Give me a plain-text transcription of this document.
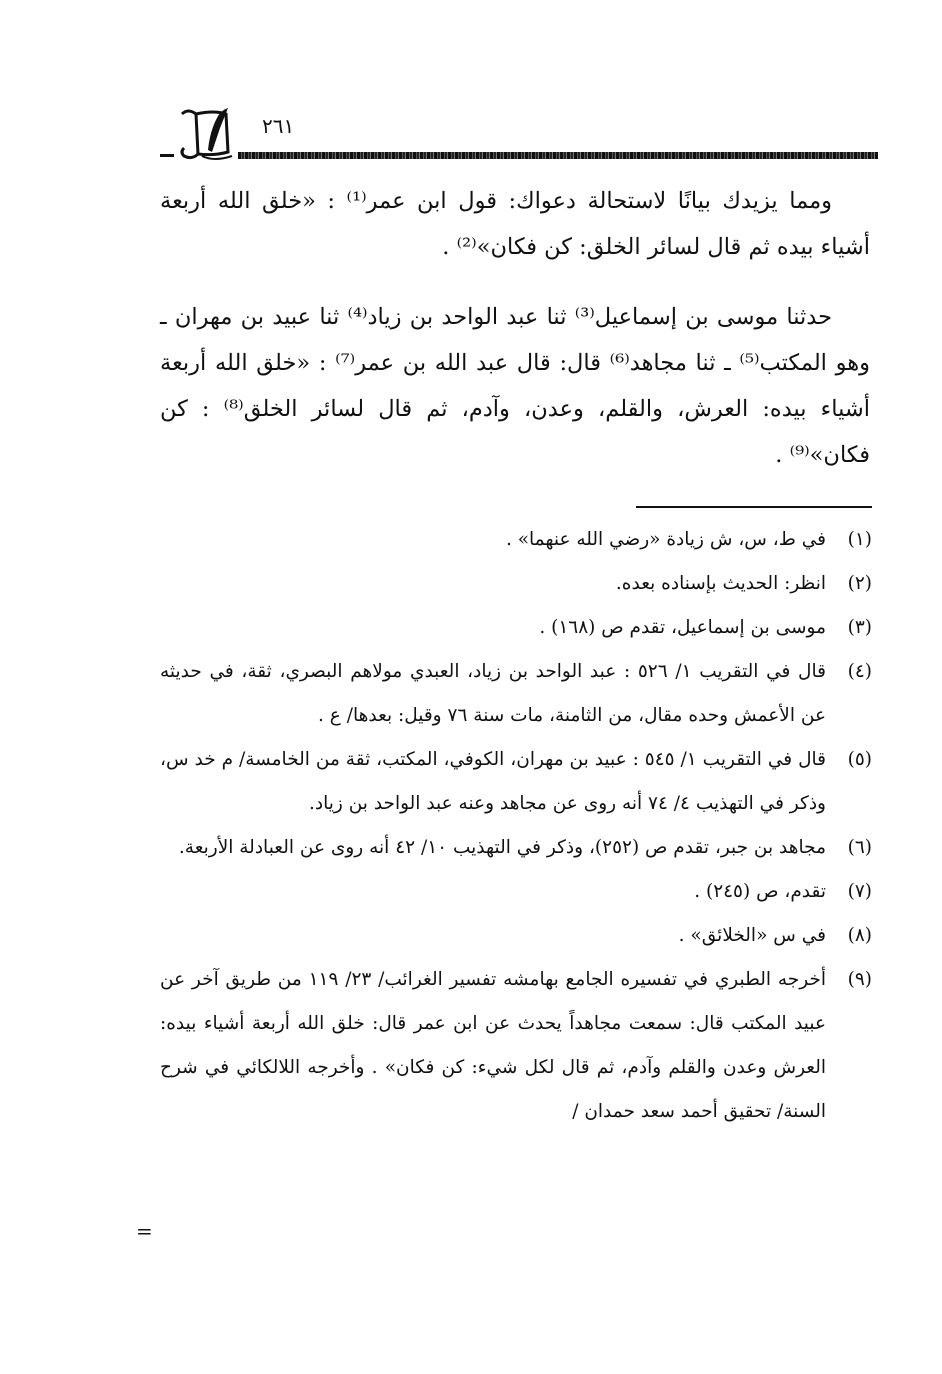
٢٦١

ومما يزيدك بيانًا لاستحالة دعواك: قول ابن عمر⁽¹⁾ : «خلق الله أربعة أشياء بيده ثم قال لسائر الخلق: كن فكان»⁽²⁾ .

حدثنا موسى بن إسماعيل⁽³⁾ ثنا عبد الواحد بن زياد⁽⁴⁾ ثنا عبيد بن مهران ـ وهو المكتب⁽⁵⁾ ـ ثنا مجاهد⁽⁶⁾ قال: قال عبد الله بن عمر⁽⁷⁾ : «خلق الله أربعة أشياء بيده: العرش، والقلم، وعدن، وآدم، ثم قال لسائر الخلق⁽⁸⁾ : كن فكان»⁽⁹⁾ .

(١)
في ط، س، ش زيادة «رضي الله عنهما» .
(٢)
انظر: الحديث بإسناده بعده.
(٣)
موسى بن إسماعيل، تقدم ص (١٦٨) .
(٤)
قال في التقريب ١/ ٥٢٦ : عبد الواحد بن زياد، العبدي مولاهم البصري، ثقة، في حديثه عن الأعمش وحده مقال، من الثامنة، مات سنة ٧٦ وقيل: بعدها/ ع .
(٥)
قال في التقريب ١/ ٥٤٥ : عبيد بن مهران، الكوفي، المكتب، ثقة من الخامسة/ م خد س، وذكر في التهذيب ٤/ ٧٤ أنه روى عن مجاهد وعنه عبد الواحد بن زياد.
(٦)
مجاهد بن جبر، تقدم ص (٢٥٢)، وذكر في التهذيب ١٠/ ٤٢ أنه روى عن العبادلة الأربعة.
(٧)
تقدم، ص (٢٤٥) .
(٨)
في س «الخلائق» .
(٩)
أخرجه الطبري في تفسيره الجامع بهامشه تفسير الغرائب/ ٢٣/ ١١٩ من طريق آخر عن عبيد المكتب قال: سمعت مجاهداً يحدث عن ابن عمر قال: خلق الله أربعة أشياء بيده: العرش وعدن والقلم وآدم، ثم قال لكل شيء: كن فكان» . وأخرجه اللالكائي في شرح السنة/ تحقيق أحمد سعد حمدان /
=
